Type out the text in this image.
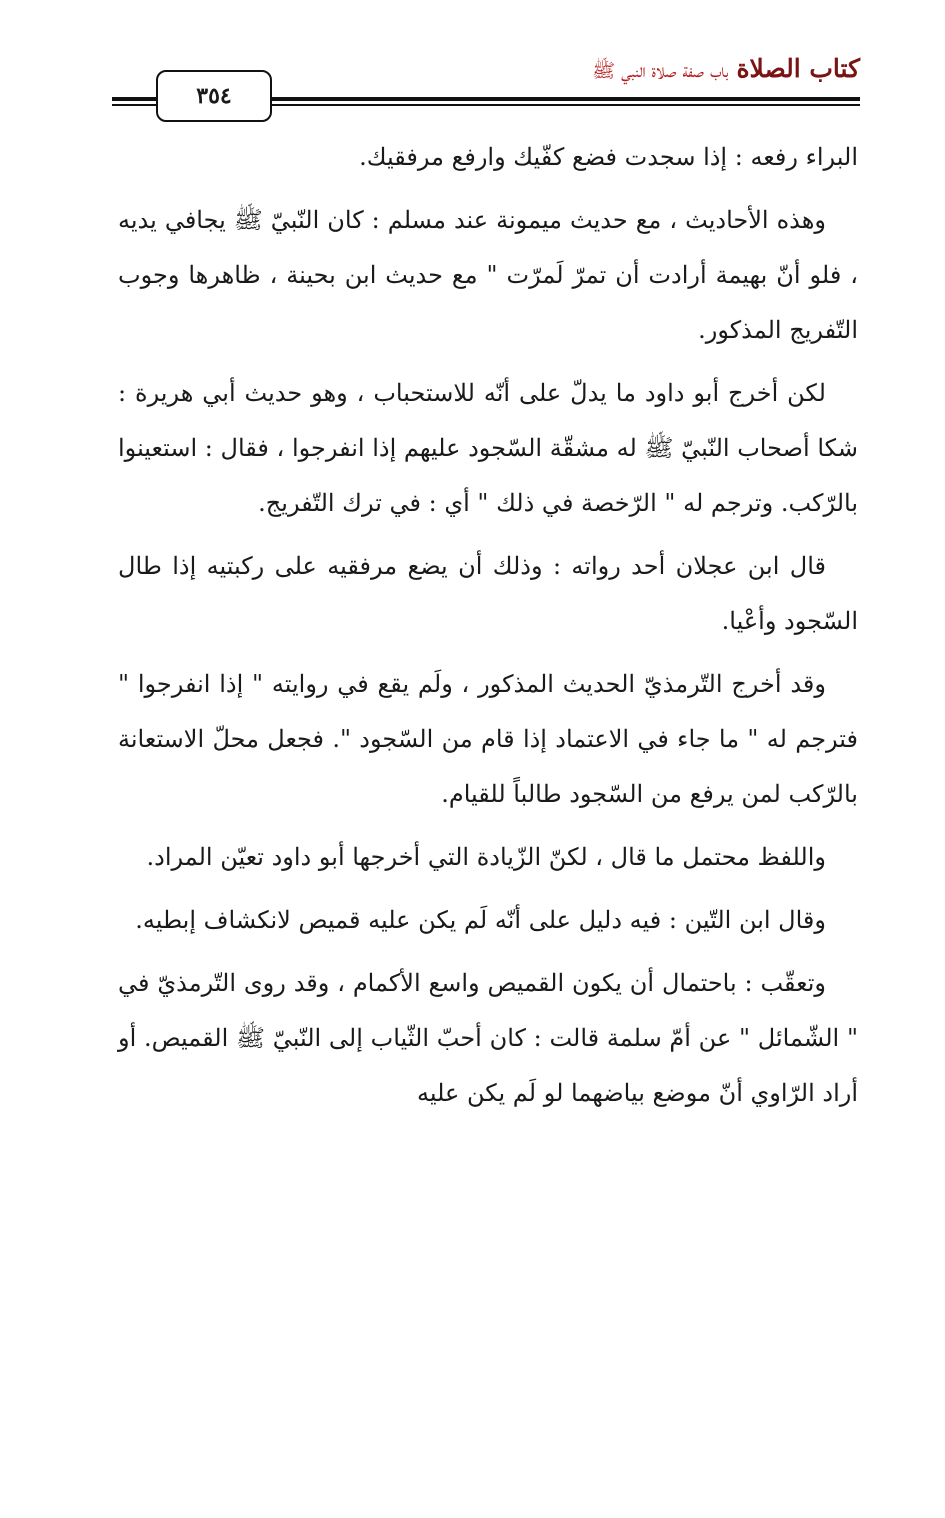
كتاب الصلاةباب صفة صلاة النبي ﷺ
٣٥٤

البراء رفعه : إذا سجدت فضع كفّيك وارفع مرفقيك.

وهذه الأحاديث ، مع حديث ميمونة عند مسلم : كان النّبيّ ﷺ يجافي يديه ، فلو أنّ بهيمة أرادت أن تمرّ لَمرّت " مع حديث ابن بحينة ، ظاهرها وجوب التّفريج المذكور.

لكن أخرج أبو داود ما يدلّ على أنّه للاستحباب ، وهو حديث أبي هريرة : شكا أصحاب النّبيّ ﷺ له مشقّة السّجود عليهم إذا انفرجوا ، فقال : استعينوا بالرّكب. وترجم له " الرّخصة في ذلك " أي : في ترك التّفريج.

قال ابن عجلان أحد رواته : وذلك أن يضع مرفقيه على ركبتيه إذا طال السّجود وأعْيا.

وقد أخرج التّرمذيّ الحديث المذكور ، ولَم يقع في روايته " إذا انفرجوا " فترجم له " ما جاء في الاعتماد إذا قام من السّجود ". فجعل محلّ الاستعانة بالرّكب لمن يرفع من السّجود طالباً للقيام.

واللفظ محتمل ما قال ، لكنّ الزّيادة التي أخرجها أبو داود تعيّن المراد.

وقال ابن التّين : فيه دليل على أنّه لَم يكن عليه قميص لانكشاف إبطيه.

وتعقّب : باحتمال أن يكون القميص واسع الأكمام ، وقد روى التّرمذيّ في " الشّمائل " عن أمّ سلمة قالت : كان أحبّ الثّياب إلى النّبيّ ﷺ القميص. أو أراد الرّاوي أنّ موضع بياضهما لو لَم يكن عليه
